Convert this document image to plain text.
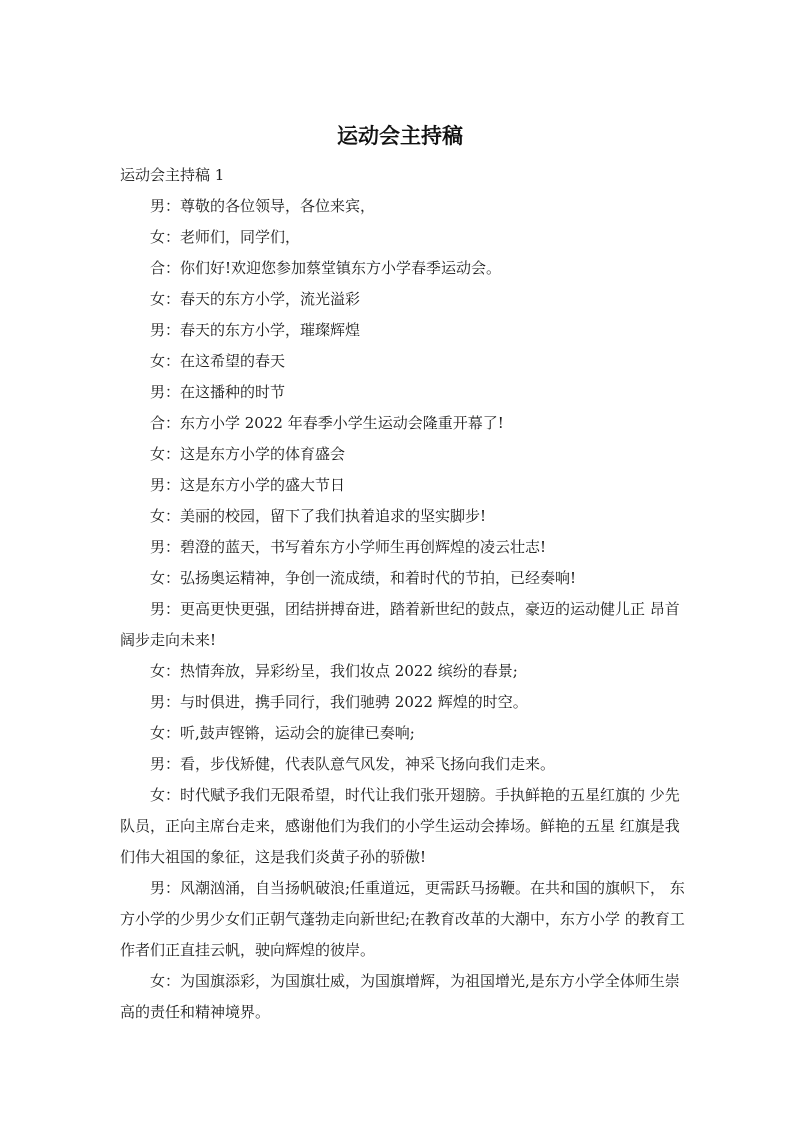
运动会主持稿

运动会主持稿 1

男：尊敬的各位领导，各位来宾，

女：老师们，同学们，

合：你们好!欢迎您参加蔡堂镇东方小学春季运动会。

女：春天的东方小学，流光溢彩

男：春天的东方小学，璀璨辉煌

女：在这希望的春天

男：在这播种的时节

合：东方小学 2022 年春季小学生运动会隆重开幕了!

女：这是东方小学的体育盛会

男：这是东方小学的盛大节日

女：美丽的校园，留下了我们执着追求的坚实脚步!

男：碧澄的蓝天，书写着东方小学师生再创辉煌的凌云壮志!

女：弘扬奥运精神，争创一流成绩，和着时代的节拍，已经奏响!

男：更高更快更强，团结拼搏奋进，踏着新世纪的鼓点，豪迈的运动健儿正 昂首阔步走向未来!

女：热情奔放，异彩纷呈，我们妆点 2022 缤纷的春景;

男：与时俱进，携手同行，我们驰骋 2022 辉煌的时空。

女：听,鼓声铿锵，运动会的旋律已奏响;

男：看，步伐矫健，代表队意气风发，神采飞扬向我们走来。

女：时代赋予我们无限希望，时代让我们张开翅膀。手执鲜艳的五星红旗的 少先队员，正向主席台走来，感谢他们为我们的小学生运动会捧场。鲜艳的五星 红旗是我们伟大祖国的象征，这是我们炎黄子孙的骄傲!

男：风潮汹涌，自当扬帆破浪;任重道远，更需跃马扬鞭。在共和国的旗帜下， 东方小学的少男少女们正朝气蓬勃走向新世纪;在教育改革的大潮中，东方小学 的教育工作者们正直挂云帆，驶向辉煌的彼岸。

女：为国旗添彩，为国旗壮威，为国旗增辉，为祖国增光,是东方小学全体师生崇高的责任和精神境界。
